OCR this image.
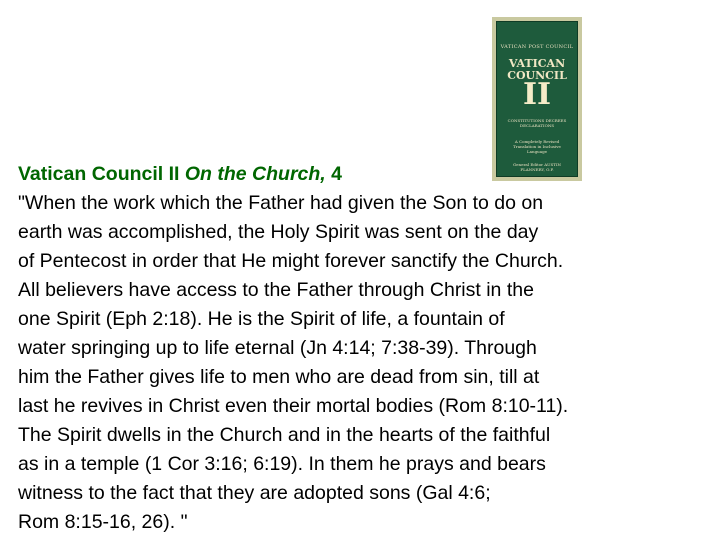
VATICAN POST COUNCIL
VATICAN COUNCIL
II
CONSTITUTIONS DECREES DECLARATIONS
A Completely Revised Translation in Inclusive Language
General Editor AUSTIN FLANNERY, O.P.
Vatican Council II On the Church, 4
"When the work which the Father had given the Son to do on
earth was accomplished, the Holy Spirit was sent on the day
of Pentecost in order that He might forever sanctify the Church.
All believers have access to the Father through Christ in the
one Spirit (Eph 2:18). He is the Spirit of life, a fountain of
water springing up to life eternal (Jn 4:14; 7:38-39). Through
him the Father gives life to men who are dead from sin, till at
last he revives in Christ even their mortal bodies (Rom 8:10-11).
The Spirit dwells in the Church and in the hearts of the faithful
as in a temple (1 Cor 3:16; 6:19). In them he prays and bears
witness to the fact that they are adopted sons (Gal 4:6;
Rom 8:15-16, 26). "
